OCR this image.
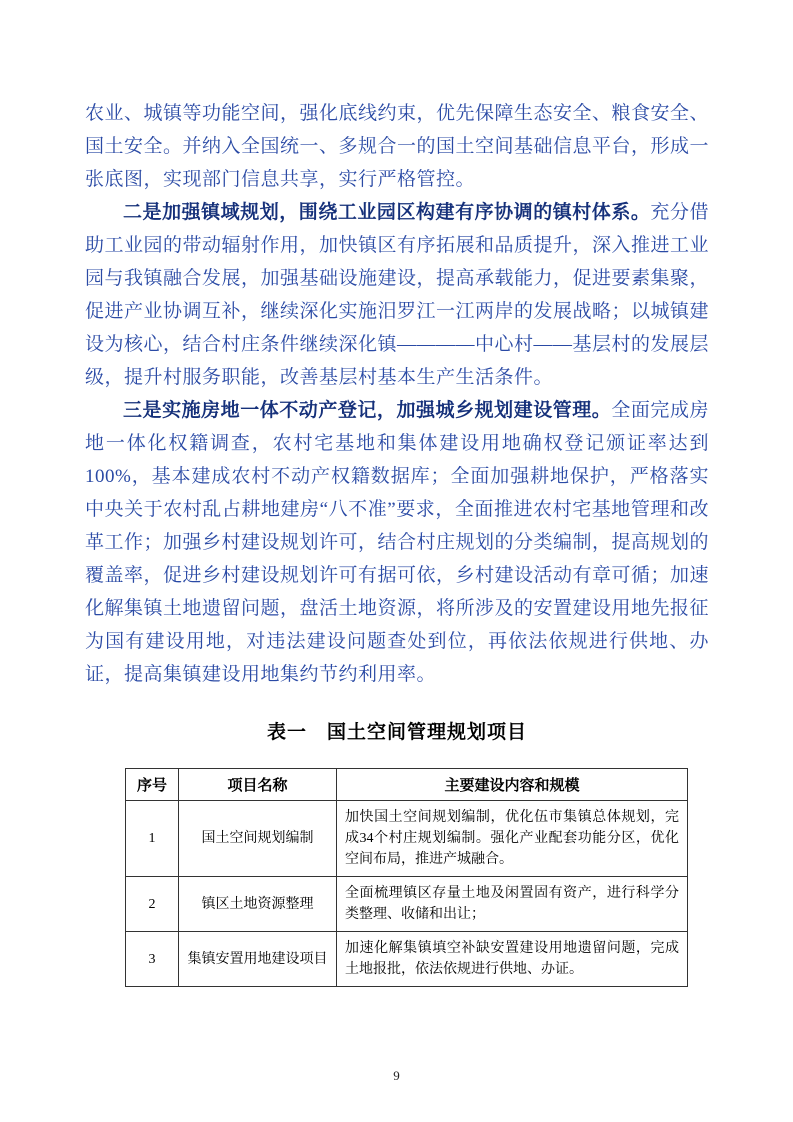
农业、城镇等功能空间，强化底线约束，优先保障生态安全、粮食安全、国土安全。并纳入全国统一、多规合一的国土空间基础信息平台，形成一张底图，实现部门信息共享，实行严格管控。

二是加强镇域规划，围绕工业园区构建有序协调的镇村体系。充分借助工业园的带动辐射作用，加快镇区有序拓展和品质提升，深入推进工业园与我镇融合发展，加强基础设施建设，提高承载能力，促进要素集聚，促进产业协调互补，继续深化实施汨罗江一江两岸的发展战略；以城镇建设为核心，结合村庄条件继续深化镇————中心村——基层村的发展层级，提升村服务职能，改善基层村基本生产生活条件。

三是实施房地一体不动产登记，加强城乡规划建设管理。全面完成房地一体化权籍调查，农村宅基地和集体建设用地确权登记颁证率达到100%，基本建成农村不动产权籍数据库；全面加强耕地保护，严格落实中央关于农村乱占耕地建房“八不准”要求，全面推进农村宅基地管理和改革工作；加强乡村建设规划许可，结合村庄规划的分类编制，提高规划的覆盖率，促进乡村建设规划许可有据可依，乡村建设活动有章可循；加速化解集镇土地遗留问题，盘活土地资源，将所涉及的安置建设用地先报征为国有建设用地，对违法建设问题查处到位，再依法依规进行供地、办证，提高集镇建设用地集约节约利用率。

表一　国土空间管理规划项目
序号	项目名称	主要建设内容和规模
1	国土空间规划编制	加快国土空间规划编制，优化伍市集镇总体规划，完成34个村庄规划编制。强化产业配套功能分区，优化空间布局，推进产城融合。
2	镇区土地资源整理	全面梳理镇区存量土地及闲置固有资产，进行科学分类整理、收储和出让；
3	集镇安置用地建设项目	加速化解集镇填空补缺安置建设用地遗留问题，完成土地报批，依法依规进行供地、办证。
9
